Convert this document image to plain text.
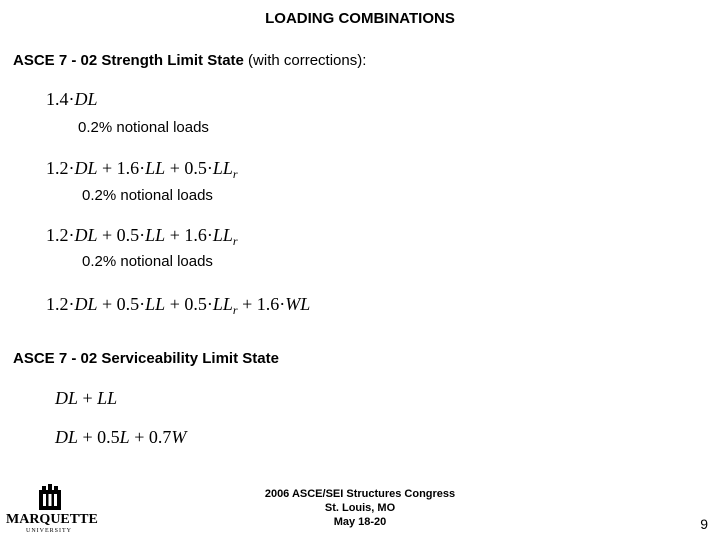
LOADING COMBINATIONS
ASCE 7 - 02 Strength Limit State (with corrections):
1.4·DL
0.2% notional loads
$1.2\cdot DL + 1.6\cdot LL + 0.5\cdot LL_r$
0.2% notional loads
$1.2\cdot DL + 0.5\cdot LL + 1.6\cdot LL_r$
0.2% notional loads
$1.2\cdot DL + 0.5\cdot LL + 0.5\cdot LL_r + 1.6\cdot WL$
ASCE 7 - 02 Serviceability Limit State
DL + LL
DL + 0.5L + 0.7W
2006 ASCE/SEI Structures Congress
St. Louis, MO
May 18-20	9
MARQUETTE
UNIVERSITY
